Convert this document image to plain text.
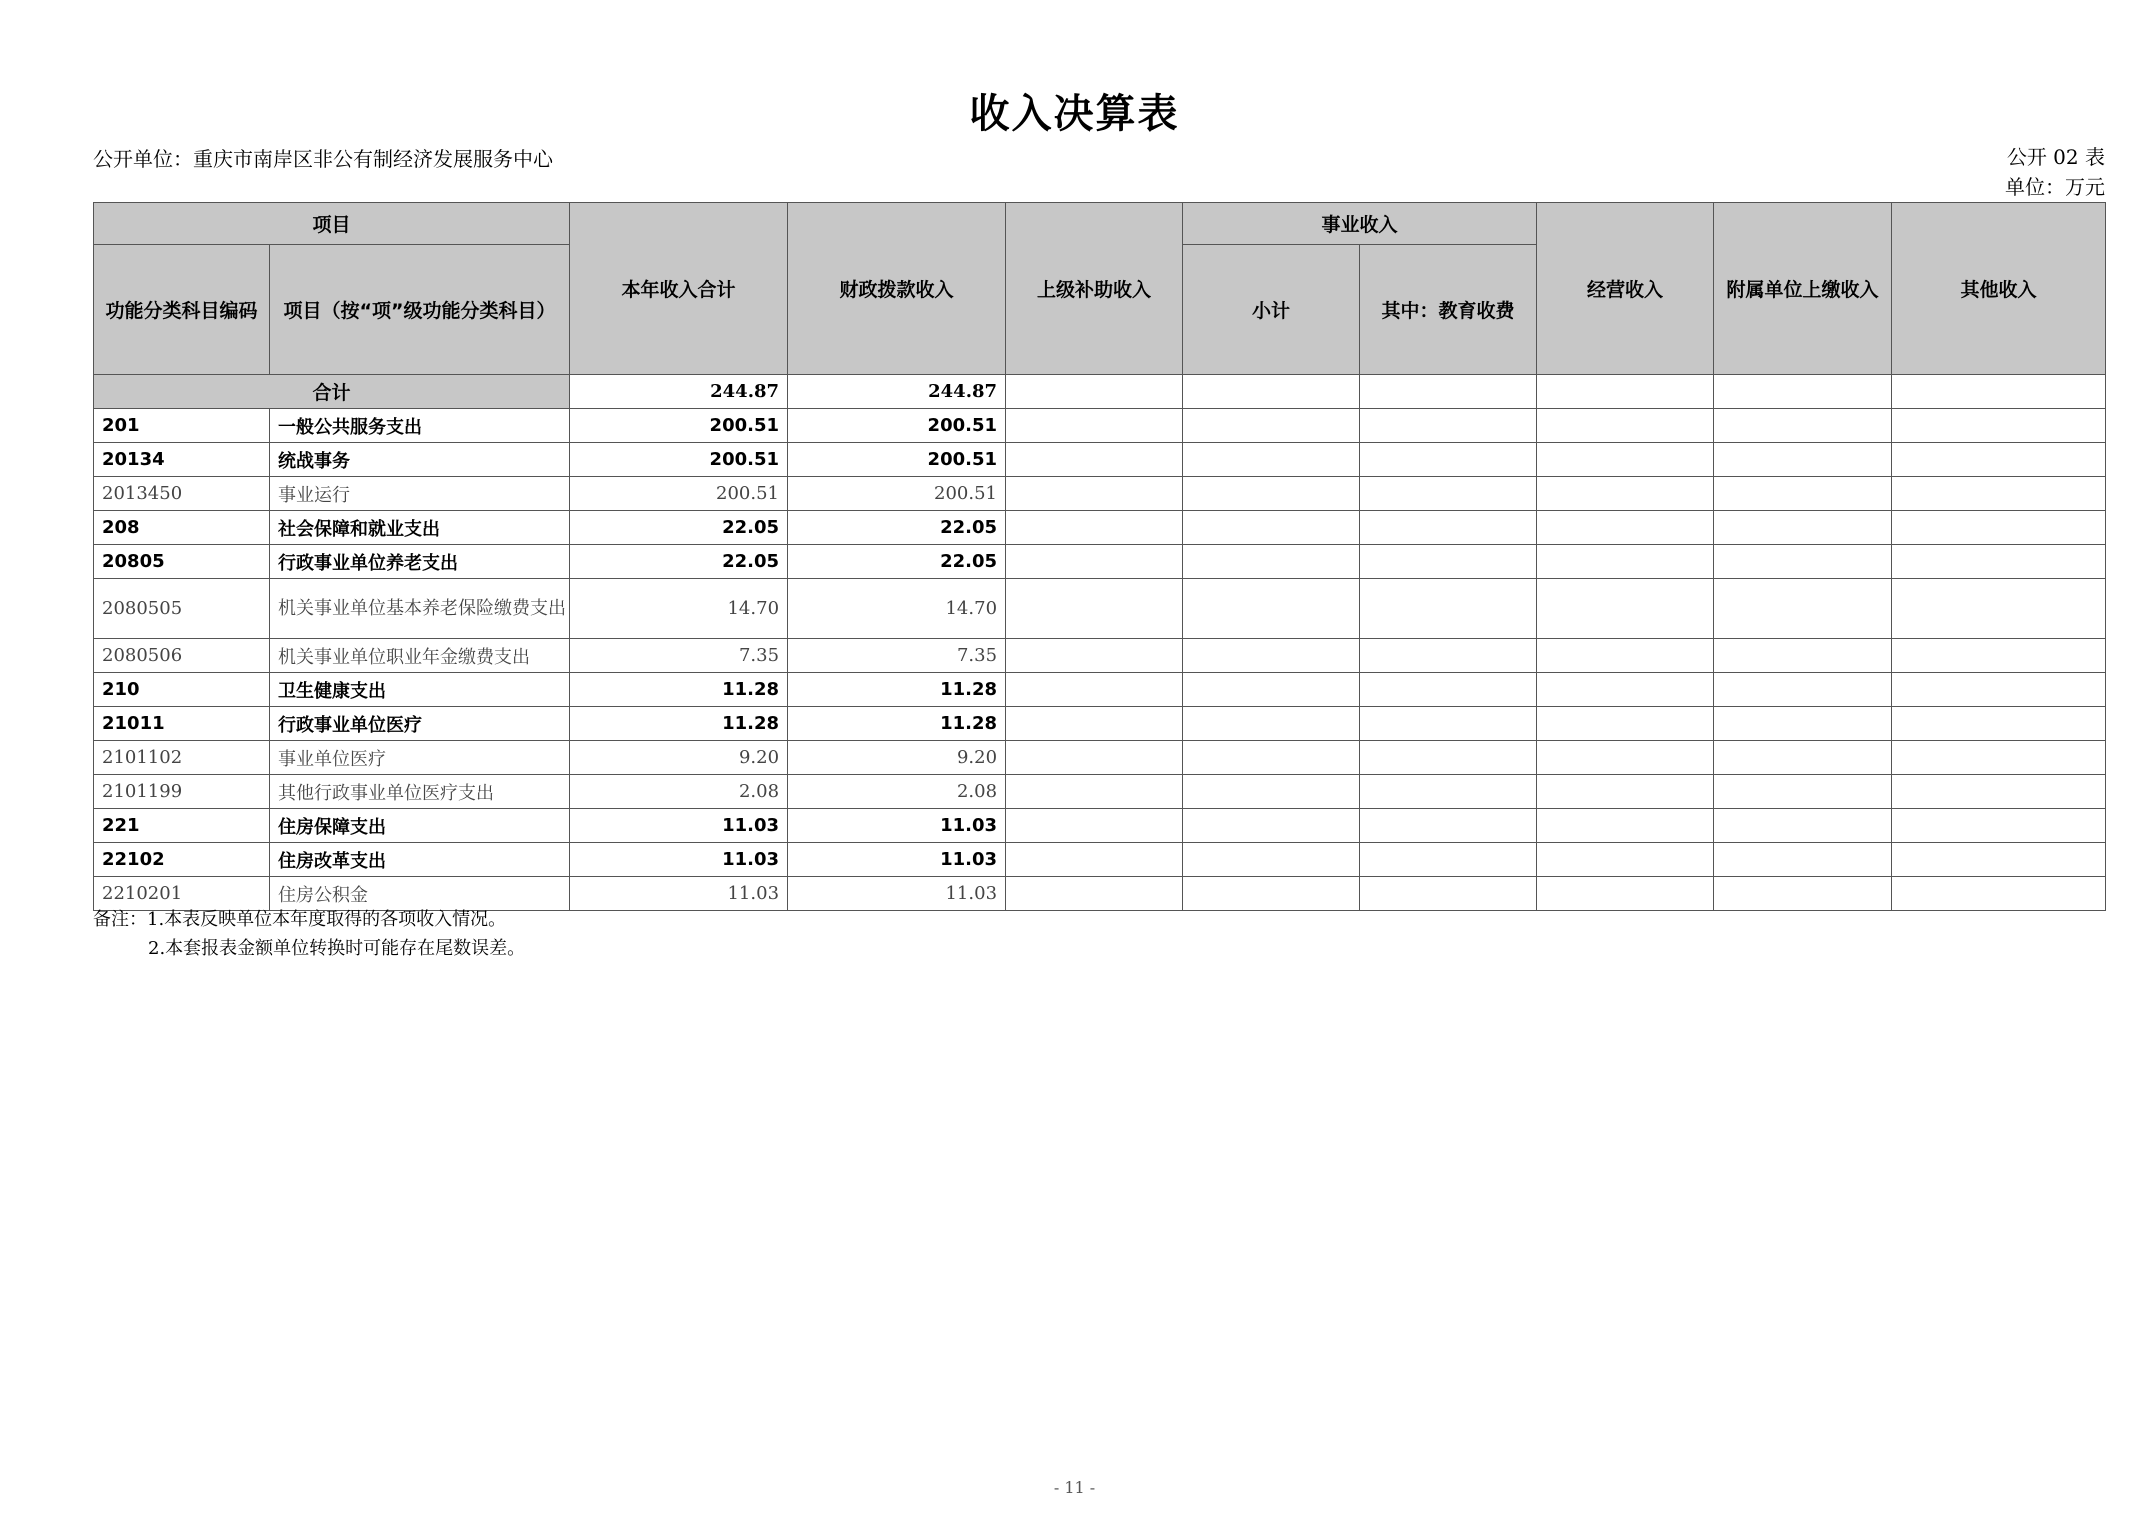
收入决算表
公开单位：重庆市南岸区非公有制经济发展服务中心	公开 02 表
单位：万元
项目		本年收入合计	财政拨款收入	上级补助收入	事业收入		经营收入	附属单位上缴收入	其他收入
功能分类科目编码	项目（按“项”级功能分类科目）				小计	其中：教育收费			
合计		244.87	244.87						
201	一般公共服务支出	200.51	200.51						
20134	统战事务	200.51	200.51						
2013450	事业运行	200.51	200.51						
208	社会保障和就业支出	22.05	22.05						
20805	行政事业单位养老支出	22.05	22.05						
2080505	机关事业单位基本养老保险缴费支出	14.70	14.70						
2080506	机关事业单位职业年金缴费支出	7.35	7.35						
210	卫生健康支出	11.28	11.28						
21011	行政事业单位医疗	11.28	11.28						
2101102	事业单位医疗	9.20	9.20						
2101199	其他行政事业单位医疗支出	2.08	2.08						
221	住房保障支出	11.03	11.03						
22102	住房改革支出	11.03	11.03						
2210201	住房公积金	11.03	11.03						
备注：1.本表反映单位本年度取得的各项收入情况。
2.本套报表金额单位转换时可能存在尾数误差。
- 11 -
